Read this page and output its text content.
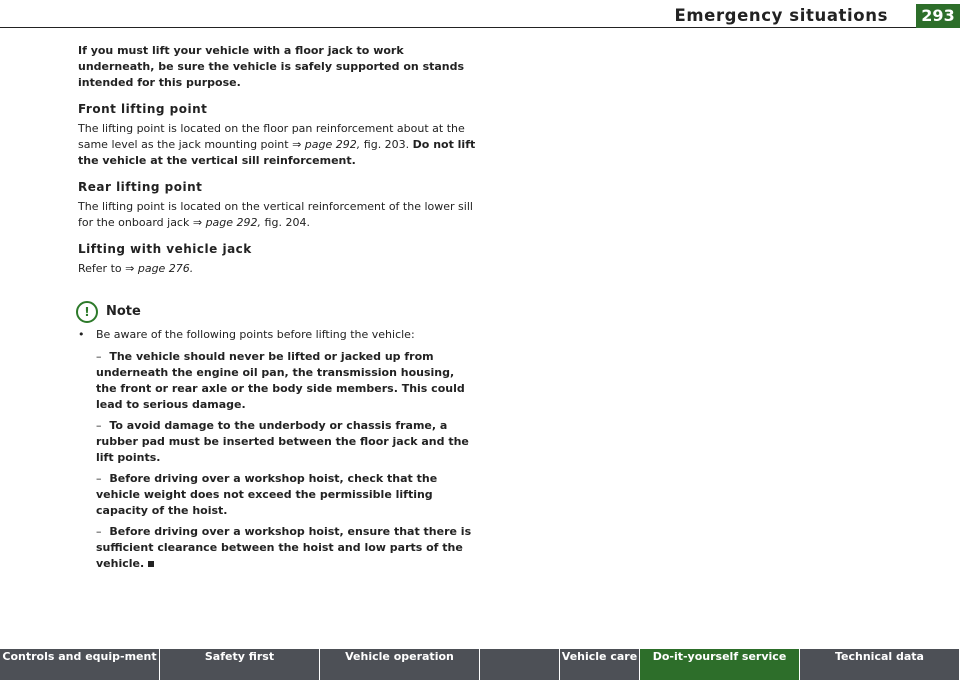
Emergency situations	293

If you must lift your vehicle with a floor jack to work underneath, be sure the vehicle is safely supported on stands intended for this purpose.

Front lifting point

The lifting point is located on the floor pan reinforcement about at the same level as the jack mounting point ⇒ page 292, fig. 203. Do not lift the vehicle at the vertical sill reinforcement.

Rear lifting point

The lifting point is located on the vertical reinforcement of the lower sill for the onboard jack ⇒ page 292, fig. 204.

Lifting with vehicle jack

Refer to ⇒ page 276.

!	Note
•	Be aware of the following points before lifting the vehicle:
– The vehicle should never be lifted or jacked up from underneath the engine oil pan, the transmission housing, the front or rear axle or the body side members. This could lead to serious damage.
– To avoid damage to the underbody or chassis frame, a rubber pad must be inserted between the floor jack and the lift points.
– Before driving over a workshop hoist, check that the vehicle weight does not exceed the permissible lifting capacity of the hoist.
– Before driving over a workshop hoist, ensure that there is sufficient clearance between the hoist and low parts of the vehicle.
Controls and equip-ment	Safety first	Vehicle operation	Vehicle care	Do-it-yourself service	Technical data
